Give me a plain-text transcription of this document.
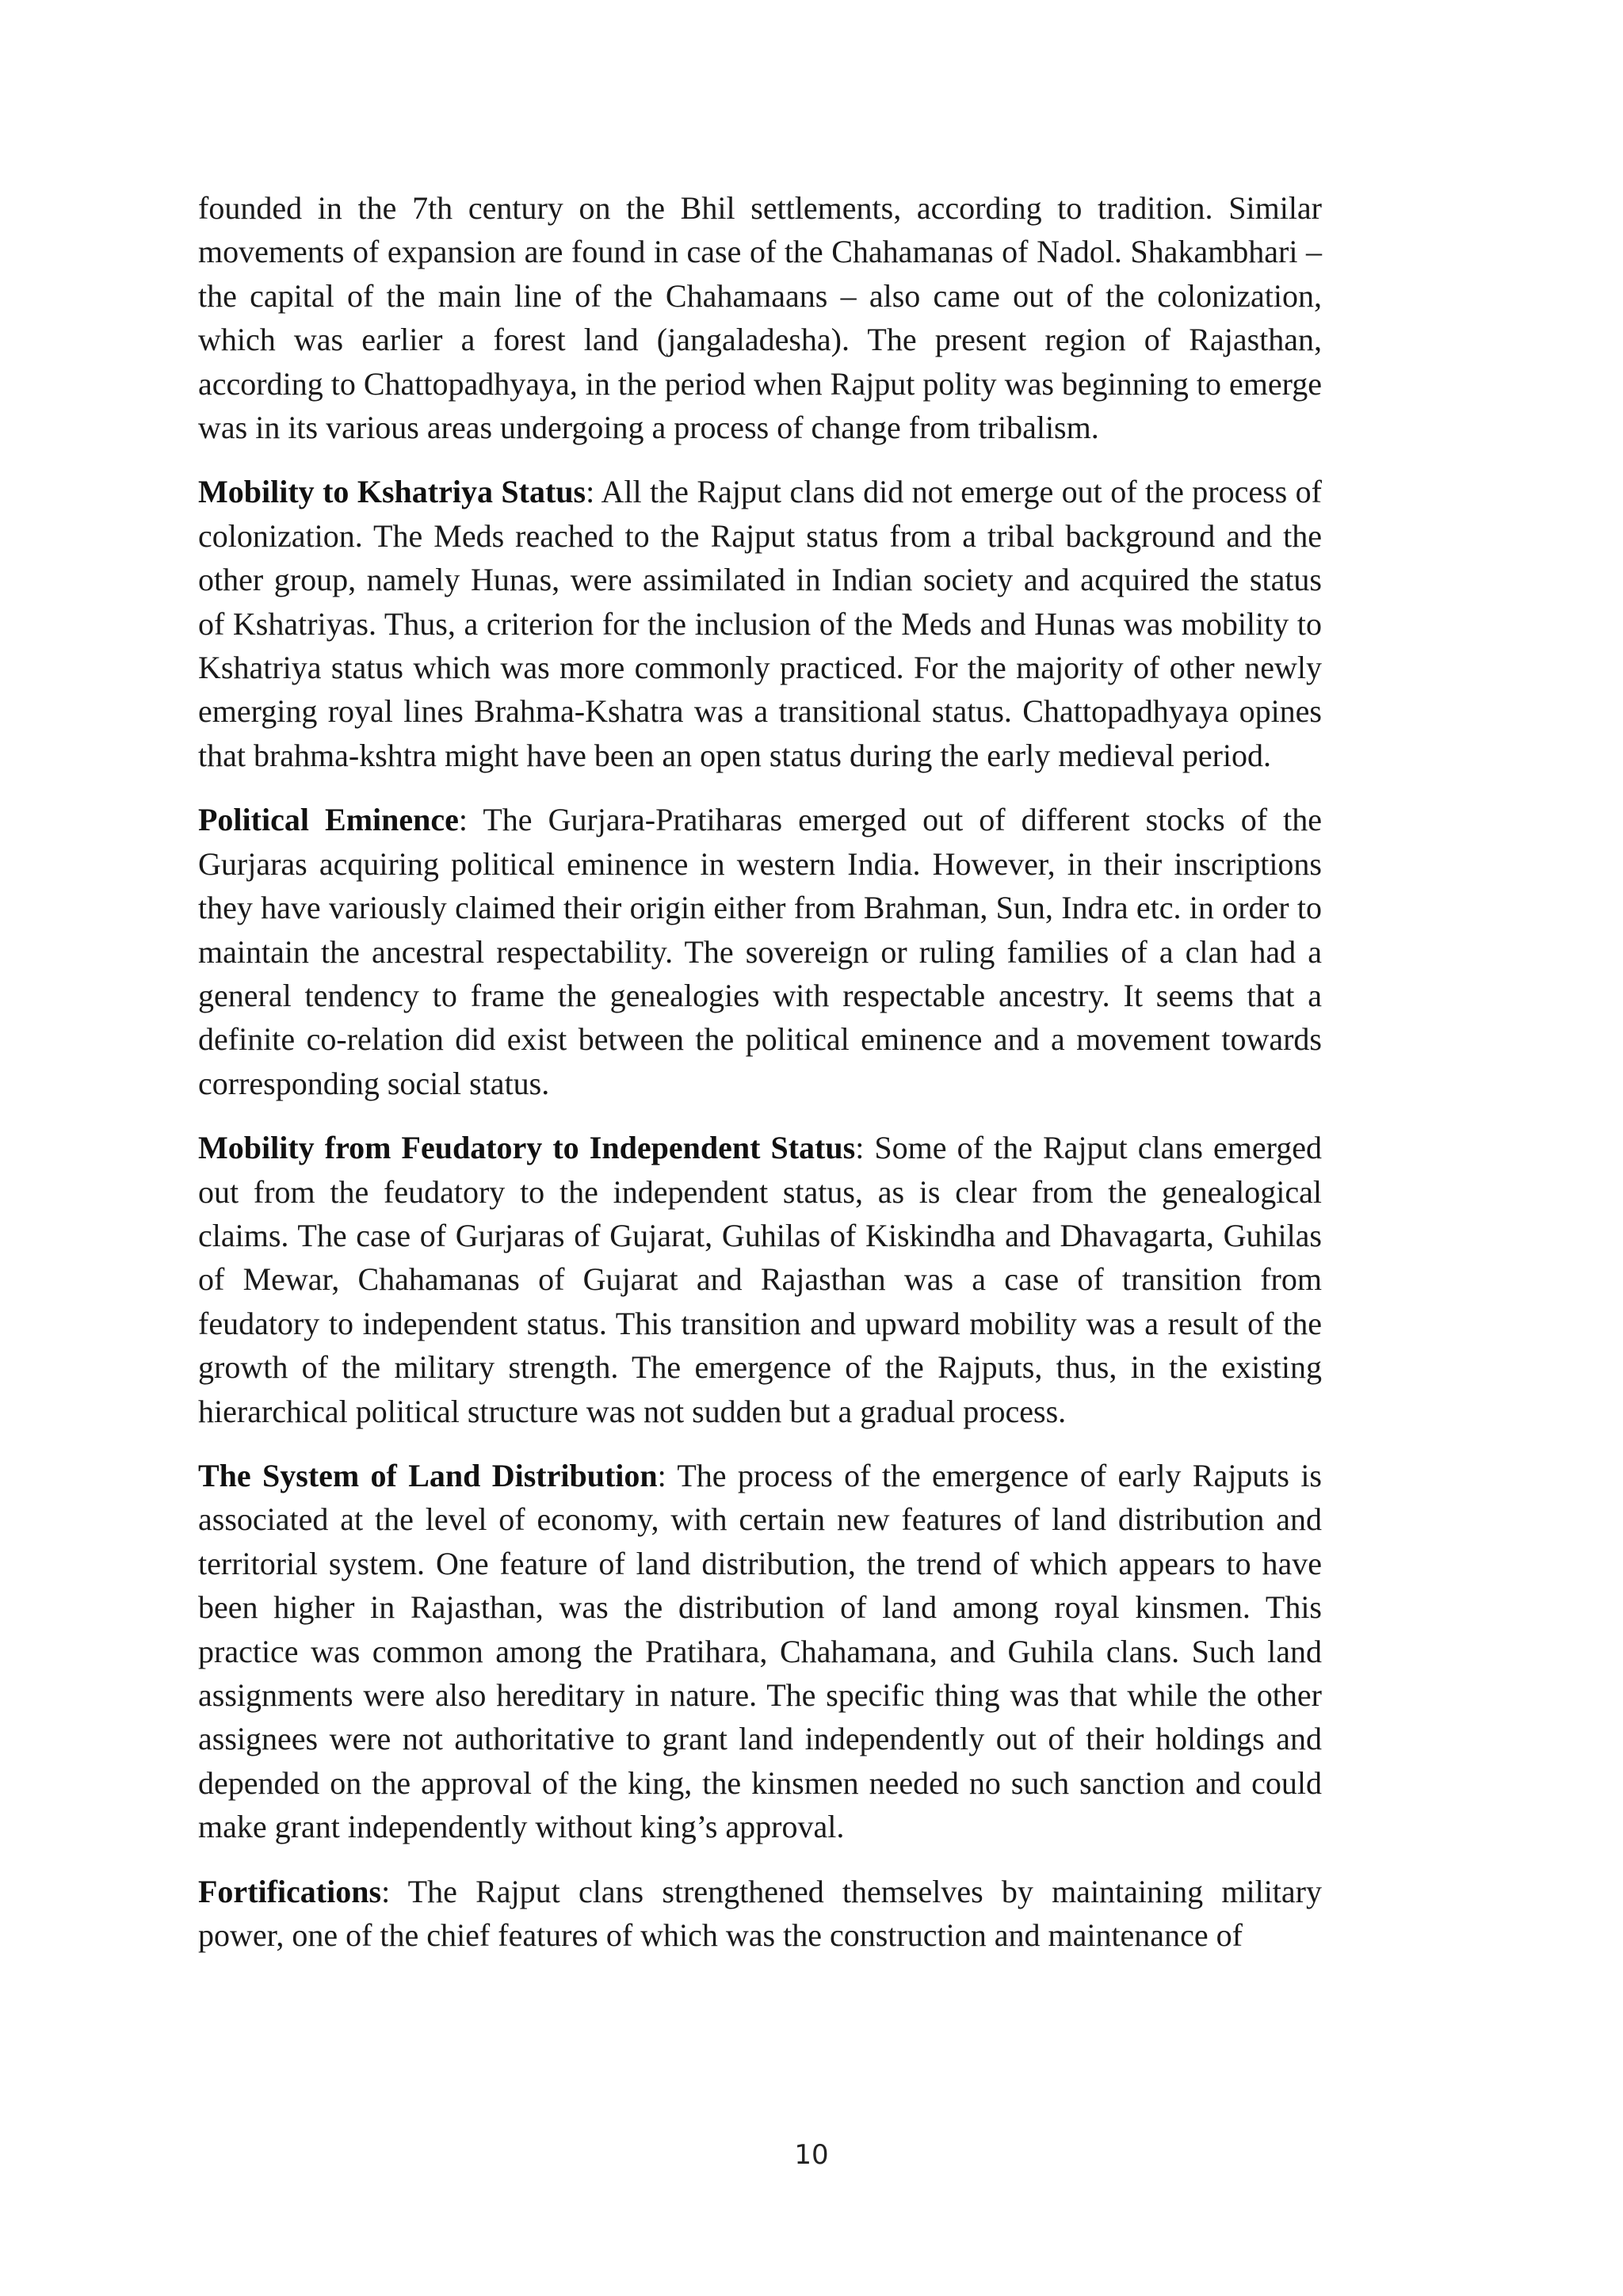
founded in the 7th century on the Bhil settlements, according to tradition. Similar movements of expansion are found in case of the Chahamanas of Nadol. Shakambhari – the capital of the main line of the Chahamaans – also came out of the colonization, which was earlier a forest land (jangaladesha). The present region of Rajasthan, according to Chattopadhyaya, in the period when Rajput polity was beginning to emerge was in its various areas undergoing a process of change from tribalism.

Mobility to Kshatriya Status: All the Rajput clans did not emerge out of the process of colonization. The Meds reached to the Rajput status from a tribal background and the other group, namely Hunas, were assimilated in Indian society and acquired the status of Kshatriyas. Thus, a criterion for the inclusion of the Meds and Hunas was mobility to Kshatriya status which was more commonly practiced. For the majority of other newly emerging royal lines Brahma-Kshatra was a transitional status. Chattopadhyaya opines that brahma-kshtra might have been an open status during the early medieval period.

Political Eminence: The Gurjara-Pratiharas emerged out of different stocks of the Gurjaras acquiring political eminence in western India. However, in their inscriptions they have variously claimed their origin either from Brahman, Sun, Indra etc. in order to maintain the ancestral respectability. The sovereign or ruling families of a clan had a general tendency to frame the genealogies with respectable ancestry. It seems that a definite co-relation did exist between the political eminence and a movement towards corresponding social status.

Mobility from Feudatory to Independent Status: Some of the Rajput clans emerged out from the feudatory to the independent status, as is clear from the genealogical claims. The case of Gurjaras of Gujarat, Guhilas of Kiskindha and Dhavagarta, Guhilas of Mewar, Chahamanas of Gujarat and Rajasthan was a case of transition from feudatory to independent status. This transition and upward mobility was a result of the growth of the military strength. The emergence of the Rajputs, thus, in the existing hierarchical political structure was not sudden but a gradual process.

The System of Land Distribution: The process of the emergence of early Rajputs is associated at the level of economy, with certain new features of land distribution and territorial system. One feature of land distribution, the trend of which appears to have been higher in Rajasthan, was the distribution of land among royal kinsmen. This practice was common among the Pratihara, Chahamana, and Guhila clans. Such land assignments were also hereditary in nature. The specific thing was that while the other assignees were not authoritative to grant land independently out of their holdings and depended on the approval of the king, the kinsmen needed no such sanction and could make grant independently without king’s approval.

Fortifications: The Rajput clans strengthened themselves by maintaining military power, one of the chief features of which was the construction and maintenance of

10
